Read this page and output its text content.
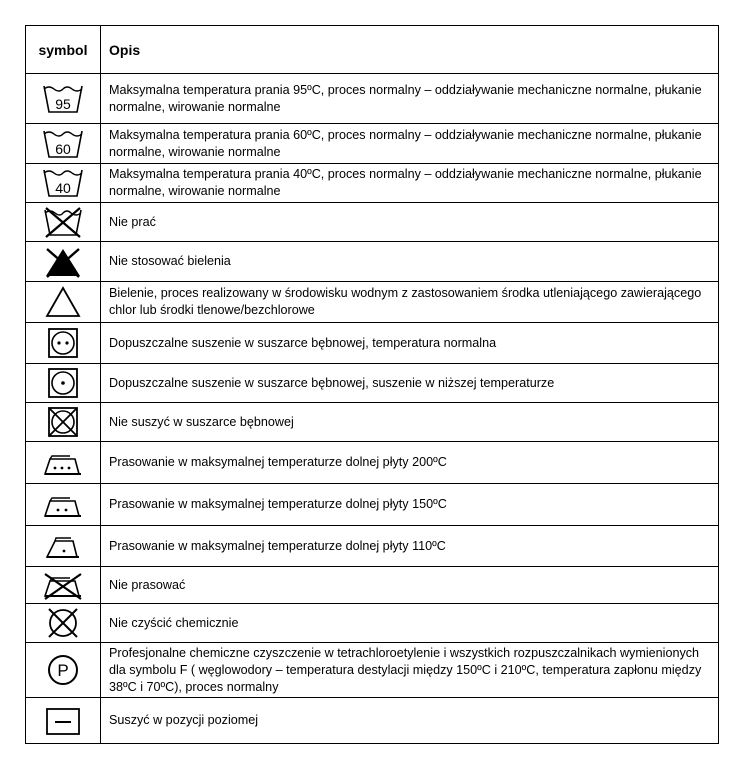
symbol	Opis

95	Maksymalna temperatura prania 95ºC, proces normalny – oddziaływanie mechaniczne normalne, płukanie normalne, wirowanie normalne

60	Maksymalna temperatura prania 60ºC, proces normalny – oddziaływanie mechaniczne normalne, płukanie normalne, wirowanie normalne

40	Maksymalna temperatura prania 40ºC, proces normalny – oddziaływanie mechaniczne normalne, płukanie normalne, wirowanie normalne

	Nie prać

	Nie stosować bielenia

	Bielenie, proces realizowany w środowisku wodnym z zastosowaniem środka utleniającego zawierającego chlor lub środki tlenowe/bezchlorowe

	Dopuszczalne suszenie w suszarce bębnowej, temperatura normalna

	Dopuszczalne suszenie w suszarce bębnowej, suszenie w niższej temperaturze

	Nie suszyć w suszarce bębnowej

	Prasowanie w maksymalnej temperaturze dolnej płyty 200ºC

	Prasowanie w maksymalnej temperaturze dolnej płyty 150ºC

	Prasowanie w maksymalnej temperaturze dolnej płyty 110ºC

	Nie prasować

	Nie czyścić chemicznie

P	Profesjonalne chemiczne czyszczenie w tetrachloroetylenie i wszystkich rozpuszczalnikach wymienionych dla symbolu F ( węglowodory – temperatura destylacji między 150ºC i 210ºC, temperatura zapłonu między 38ºC i 70ºC), proces normalny

	Suszyć w pozycji poziomej
